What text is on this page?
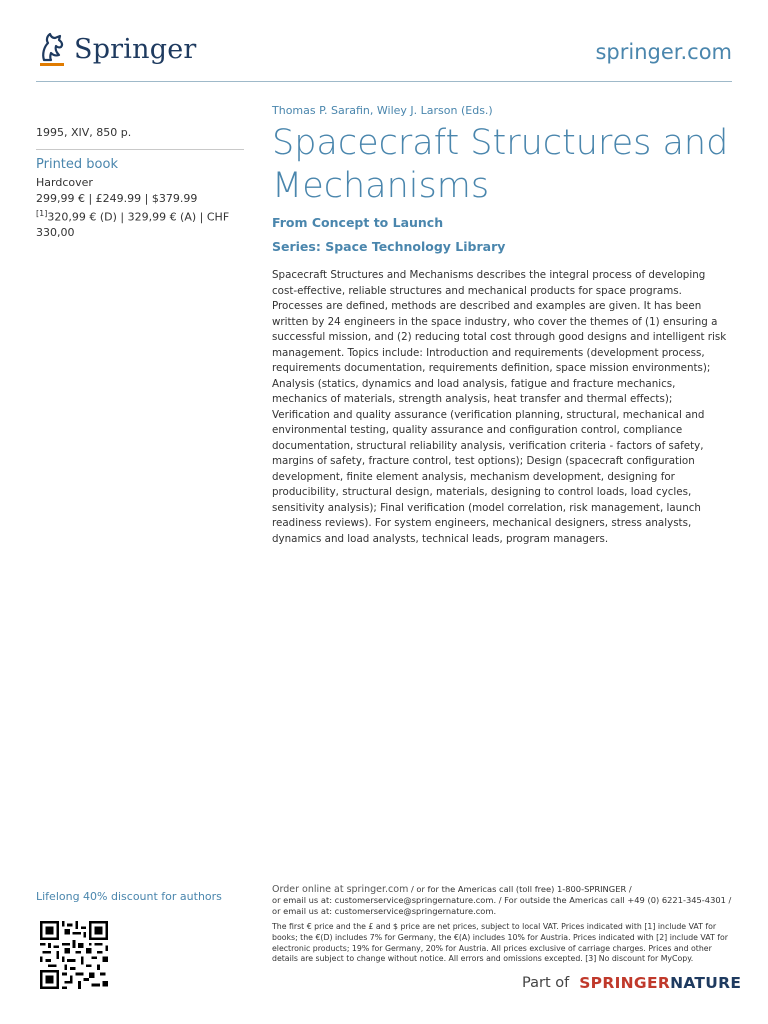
Springer	springer.com
1995, XIV, 850 p.
Printed book
Hardcover
299,99 € | £249.99 | $379.99
[1]320,99 € (D) | 329,99 € (A) | CHF 330,00
Thomas P. Sarafin, Wiley J. Larson (Eds.)
Spacecraft Structures and Mechanisms
From Concept to Launch
Series: Space Technology Library
Spacecraft Structures and Mechanisms describes the integral process of developing cost-effective, reliable structures and mechanical products for space programs. Processes are defined, methods are described and examples are given. It has been written by 24 engineers in the space industry, who cover the themes of (1) ensuring a successful mission, and (2) reducing total cost through good designs and intelligent risk management. Topics include: Introduction and requirements (development process, requirements documentation, requirements definition, space mission environments); Analysis (statics, dynamics and load analysis, fatigue and fracture mechanics, mechanics of materials, strength analysis, heat transfer and thermal effects); Verification and quality assurance (verification planning, structural, mechanical and environmental testing, quality assurance and configuration control, compliance documentation, structural reliability analysis, verification criteria - factors of safety, margins of safety, fracture control, test options); Design (spacecraft configuration development, finite element analysis, mechanism development, designing for producibility, structural design, materials, designing to control loads, load cycles, sensitivity analysis); Final verification (model correlation, risk management, launch readiness reviews). For system engineers, mechanical designers, stress analysts, dynamics and load analysts, technical leads, program managers.
Lifelong 40% discount for authors
Order online at springer.com / or for the Americas call (toll free) 1-800-SPRINGER /
or email us at: customerservice@springernature.com. / For outside the Americas call +49 (0) 6221-345-4301 /
or email us at: customerservice@springernature.com.
The first € price and the £ and $ price are net prices, subject to local VAT. Prices indicated with [1] include VAT for books; the €(D) includes 7% for Germany, the €(A) includes 10% for Austria. Prices indicated with [2] include VAT for electronic products; 19% for Germany, 20% for Austria. All prices exclusive of carriage charges. Prices and other details are subject to change without notice. All errors and omissions excepted. [3] No discount for MyCopy.
Part of SPRINGER NATURE
